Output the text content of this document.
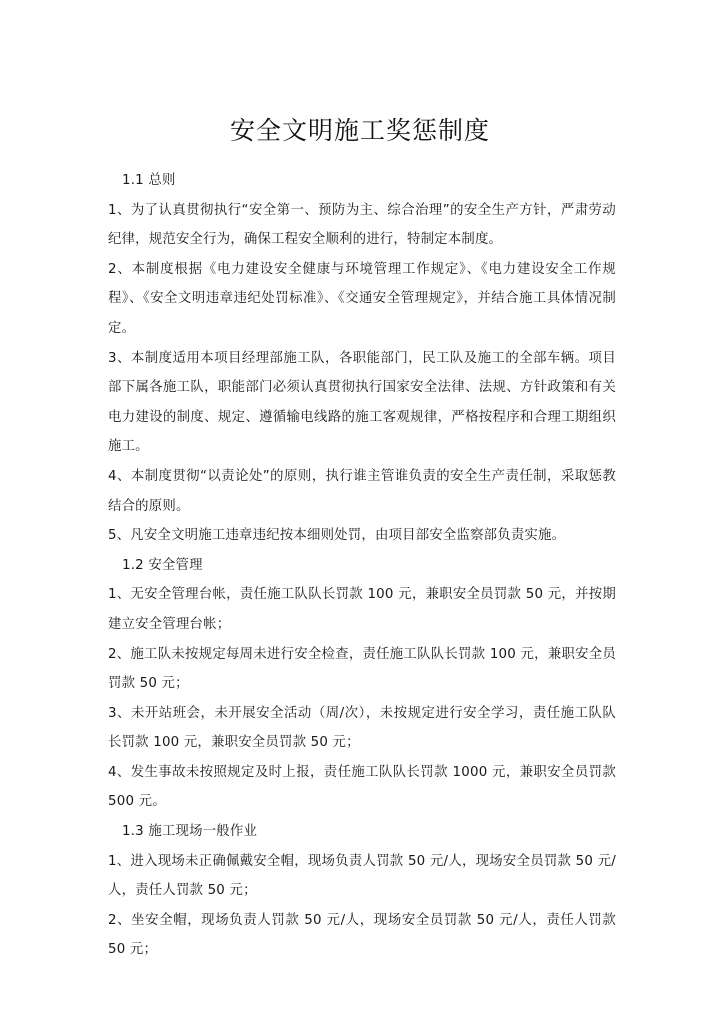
安全文明施工奖惩制度
1.1 总则
1、为了认真贯彻执行“安全第一、预防为主、综合治理”的安全生产方针，严肃劳动纪律，规范安全行为，确保工程安全顺利的进行，特制定本制度。
2、本制度根据《电力建设安全健康与环境管理工作规定》、《电力建设安全工作规程》、《安全文明违章违纪处罚标准》、《交通安全管理规定》，并结合施工具体情况制定。
3、本制度适用本项目经理部施工队，各职能部门，民工队及施工的全部车辆。项目部下属各施工队，职能部门必须认真贯彻执行国家安全法律、法规、方针政策和有关电力建设的制度、规定、遵循输电线路的施工客观规律，严格按程序和合理工期组织施工。
4、本制度贯彻“以责论处”的原则，执行谁主管谁负责的安全生产责任制，采取惩教结合的原则。
5、凡安全文明施工违章违纪按本细则处罚，由项目部安全监察部负责实施。
1.2 安全管理
1、无安全管理台帐，责任施工队队长罚款 100 元，兼职安全员罚款 50 元，并按期建立安全管理台帐；
2、施工队未按规定每周未进行安全检查，责任施工队队长罚款 100 元，兼职安全员罚款 50 元；
3、未开站班会，未开展安全活动（周/次），未按规定进行安全学习，责任施工队队长罚款 100 元，兼职安全员罚款 50 元；
4、发生事故未按照规定及时上报，责任施工队队长罚款 1000 元，兼职安全员罚款 500 元。
1.3 施工现场一般作业
1、进入现场未正确佩戴安全帽，现场负责人罚款 50 元/人，现场安全员罚款 50 元/人，责任人罚款 50 元；
2、坐安全帽，现场负责人罚款 50 元/人，现场安全员罚款 50 元/人，责任人罚款 50 元；
